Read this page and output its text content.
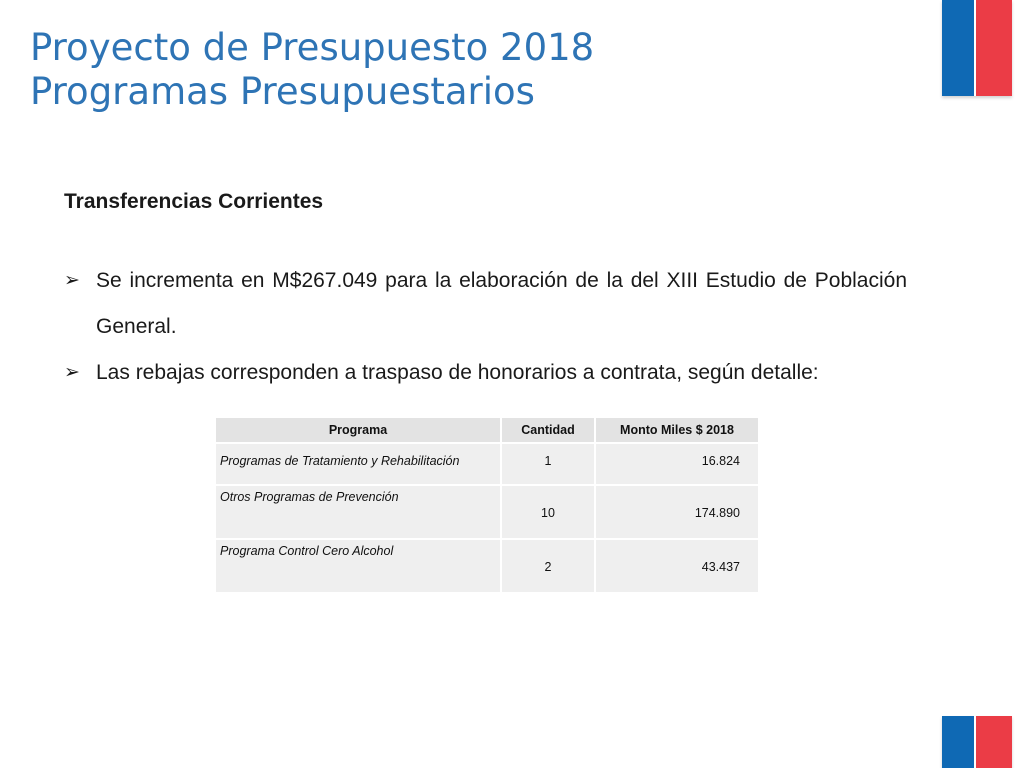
Proyecto de Presupuesto 2018
Programas Presupuestarios
Transferencias Corrientes
➢ Se incrementa en M$267.049 para la elaboración de la del XIII Estudio de Población General.
➢ Las rebajas corresponden a traspaso de honorarios a contrata, según detalle:
Programa	Cantidad	Monto Miles $ 2018
Programas de Tratamiento y Rehabilitación	1	16.824
Otros Programas de Prevención	10	174.890
Programa Control Cero Alcohol	2	43.437
